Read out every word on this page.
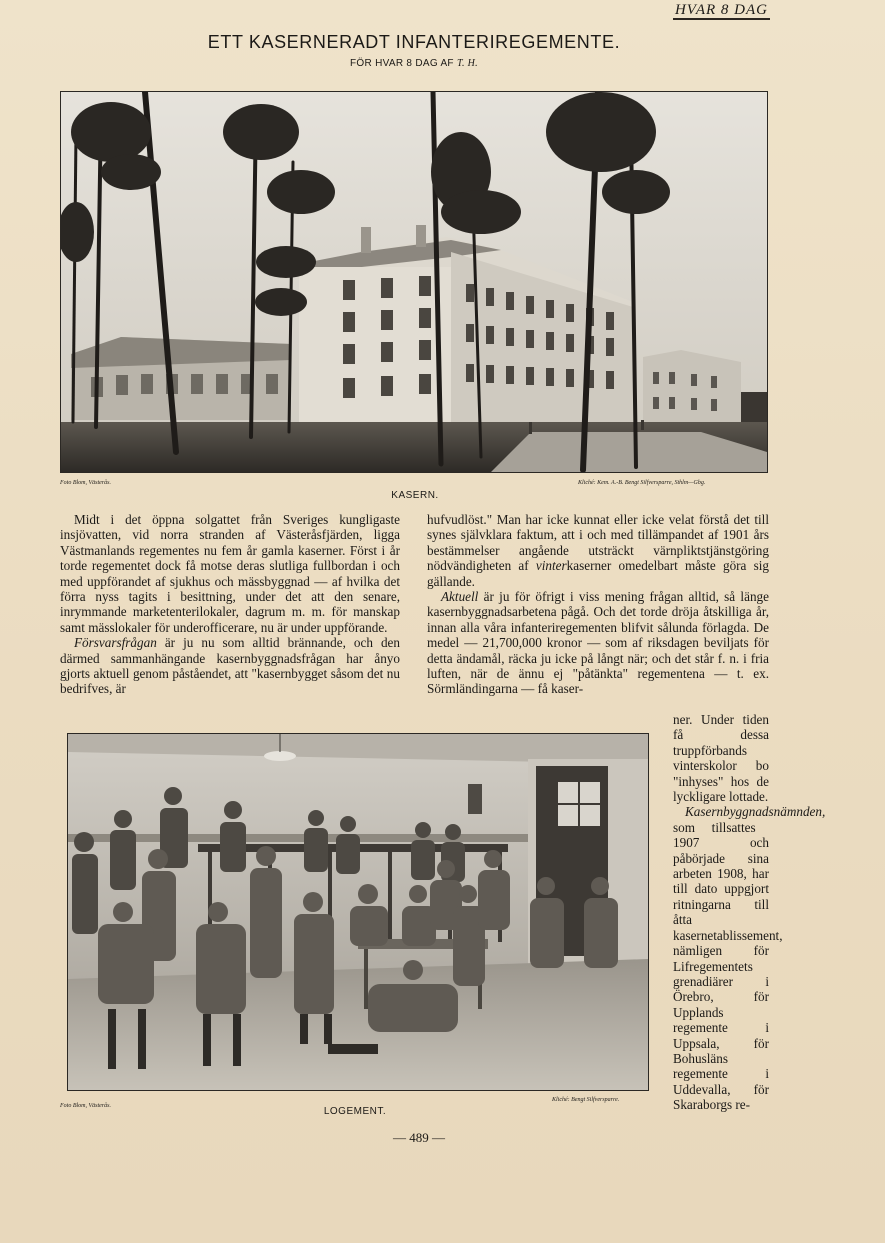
HVAR 8 DAG
ETT KASERNERADT INFANTERIREGEMENTE.
FÖR HVAR 8 DAG AF T. H.
Foto Blom, Västerås.	Kliché: Kem. A.-B. Bengt Silfversparre, Sthlm—Gbg.
KASERN.

Midt i det öppna solgattet från Sveriges kungligaste insjövatten, vid norra stranden af Västeråsfjärden, ligga Västmanlands regementes nu fem år gamla kaserner. Först i år torde regementet dock få motse deras slutliga fullbordan i och med uppförandet af sjukhus och mässbyggnad — af hvilka det förra nyss tagits i besittning, under det att den senare, inrymmande marketenterilokaler, dagrum m. m. för manskap samt mässlokaler för underofficerare, nu är under uppförande.

Försvarsfrågan är ju nu som alltid brännande, och den därmed sammanhängande kasernbyggnadsfrågan har ånyo gjorts aktuell genom påståendet, att "kasernbygget såsom det nu bedrifves, är

hufvudlöst." Man har icke kunnat eller icke velat förstå det till synes självklara faktum, att i och med tillämpandet af 1901 års bestämmelser angående utsträckt värnpliktstjänstgöring nödvändigheten af vinterkaserner omedelbart måste göra sig gällande.

Aktuell är ju för öfrigt i viss mening frågan alltid, så länge kasernbyggnadsarbetena pågå. Och det torde dröja åtskilliga år, innan alla våra infanteriregementen blifvit sålunda förlagda. De medel — 21,700,000 kronor — som af riksdagen beviljats för detta ändamål, räcka ju icke på långt när; och det står f. n. i fria luften, när de ännu ej "påtänkta" regementena — t. ex. Sörmländingarna — få kaser-

Foto Blom, Västerås.
Kliché: Bengt Silfversparre.
LOGEMENT.

ner. Under tiden få dessa truppförbands vinterskolor bo "inhyses" hos de lyckligare lottade.

Kasernbyggnadsnämnden, som tillsattes 1907 och påbörjade sina arbeten 1908, har till dato uppgjort ritningarna till åtta kasernetablissement, nämligen för Lifregementets grenadiärer i Örebro, för Upplands regemente i Uppsala, för Bohusläns regemente i Uddevalla, för Skaraborgs re-

— 489 —
